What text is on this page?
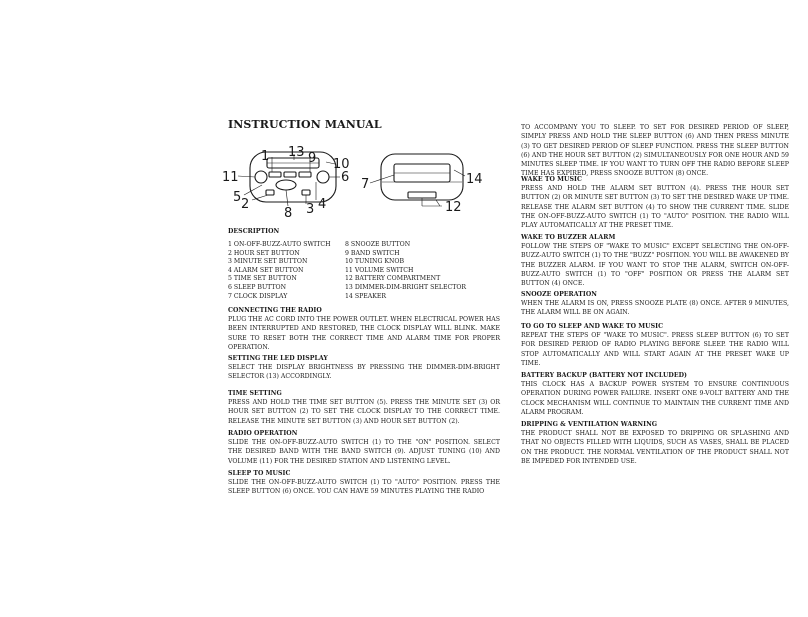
INSTRUCTION MANUAL
1 13 9 10
11	6
5 2
8 3 4
7	14
12
DESCRIPTION
1 ON-OFF-BUZZ-AUTO SWITCH
2 HOUR SET BUTTON
3 MINUTE SET BUTTON
4 ALARM SET BUTTON
5 TIME SET BUTTON
6 SLEEP BUTTON
7 CLOCK DISPLAY
8 SNOOZE BUTTON
9 BAND SWITCH
10 TUNING KNOB
11 VOLUME SWITCH
12 BATTERY COMPARTMENT
13 DIMMER-DIM-BRIGHT SELECTOR
14 SPEAKER
CONNECTING THE RADIO

PLUG THE AC CORD INTO THE POWER OUTLET. WHEN ELECTRICAL POWER HAS BEEN INTERRUPTED AND RESTORED, THE CLOCK DISPLAY WILL BLINK. MAKE SURE TO RESET BOTH THE CORRECT TIME AND ALARM TIME FOR PROPER OPERATION.

SETTING THE LED DISPLAY

SELECT THE DISPLAY BRIGHTNESS BY PRESSING THE DIMMER-DIM-BRIGHT SELECTOR (13) ACCORDINGLY.

TIME SETTING

PRESS AND HOLD THE TIME SET BUTTON (5). PRESS THE MINUTE SET (3) OR HOUR SET BUTTON (2) TO SET THE CLOCK DISPLAY TO THE CORRECT TIME. RELEASE THE MINUTE SET BUTTON (3) AND HOUR SET BUTTON (2).

RADIO OPERATION

SLIDE THE ON-OFF-BUZZ-AUTO SWITCH (1) TO THE "ON" POSITION. SELECT THE DESIRED BAND WITH THE BAND SWITCH (9). ADJUST TUNING (10) AND VOLUME (11) FOR THE DESIRED STATION AND LISTENING LEVEL.

SLEEP TO MUSIC

SLIDE THE ON-OFF-BUZZ-AUTO SWITCH (1) TO "AUTO" POSITION. PRESS THE SLEEP BUTTON (6) ONCE. YOU CAN HAVE 59 MINUTES PLAYING THE RADIO

TO ACCOMPANY YOU TO SLEEP. TO SET FOR DESIRED PERIOD OF SLEEP, SIMPLY PRESS AND HOLD THE SLEEP BUTTON (6) AND THEN PRESS MINUTE (3) TO GET DESIRED PERIOD OF SLEEP FUNCTION. PRESS THE SLEEP BUTTON (6) AND THE HOUR SET BUTTON (2) SIMULTANEOUSLY FOR ONE HOUR AND 59 MINUTES SLEEP TIME. IF YOU WANT TO TURN OFF THE RADIO BEFORE SLEEP TIME HAS EXPIRED, PRESS SNOOZE BUTTON (8) ONCE.

WAKE TO MUSIC

PRESS AND HOLD THE ALARM SET BUTTON (4). PRESS THE HOUR SET BUTTON (2) OR MINUTE SET BUTTON (3) TO SET THE DESIRED WAKE UP TIME. RELEASE THE ALARM SET BUTTON (4) TO SHOW THE CURRENT TIME. SLIDE THE ON-OFF-BUZZ-AUTO SWITCH (1) TO "AUTO" POSITION. THE RADIO WILL PLAY AUTOMATICALLY AT THE PRESET TIME.

WAKE TO BUZZER ALARM

FOLLOW THE STEPS OF "WAKE TO MUSIC" EXCEPT SELECTING THE ON-OFF-BUZZ-AUTO SWITCH (1) TO THE "BUZZ" POSITION. YOU WILL BE AWAKENED BY THE BUZZER ALARM. IF YOU WANT TO STOP THE ALARM, SWITCH ON-OFF-BUZZ-AUTO SWITCH (1) TO "OFF" POSITION OR PRESS THE ALARM SET BUTTON (4) ONCE.

SNOOZE OPERATION

WHEN THE ALARM IS ON, PRESS SNOOZE PLATE (8) ONCE. AFTER 9 MINUTES, THE ALARM WILL BE ON AGAIN.

TO GO TO SLEEP AND WAKE TO MUSIC

REPEAT THE STEPS OF "WAKE TO MUSIC". PRESS SLEEP BUTTON (6) TO SET FOR DESIRED PERIOD OF RADIO PLAYING BEFORE SLEEP. THE RADIO WILL STOP AUTOMATICALLY AND WILL START AGAIN AT THE PRESET WAKE UP TIME.

BATTERY BACKUP (BATTERY NOT INCLUDED)

THIS CLOCK HAS A BACKUP POWER SYSTEM TO ENSURE CONTINUOUS OPERATION DURING POWER FAILURE. INSERT ONE 9-VOLT BATTERY AND THE CLOCK MECHANISM WILL CONTINUE TO MAINTAIN THE CURRENT TIME AND ALARM PROGRAM.

DRIPPING & VENTILATION WARNING

THE PRODUCT SHALL NOT BE EXPOSED TO DRIPPING OR SPLASHING AND THAT NO OBJECTS FILLED WITH LIQUIDS, SUCH AS VASES, SHALL BE PLACED ON THE PRODUCT. THE NORMAL VENTILATION OF THE PRODUCT SHALL NOT BE IMPEDED FOR INTENDED USE.
